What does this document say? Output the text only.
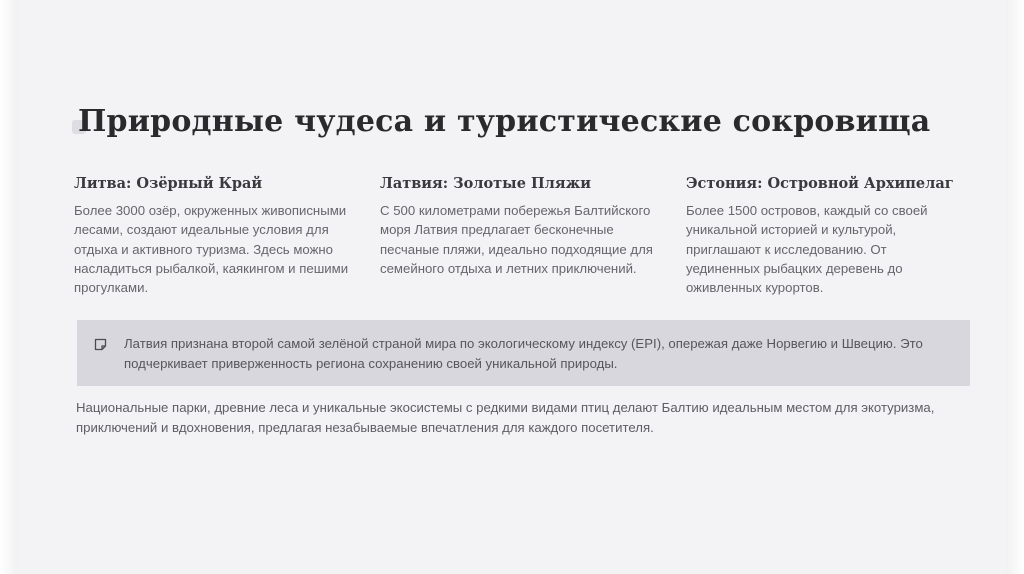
Природные чудеса и туристические сокровища
Литва: Озёрный Край

Более 3000 озёр, окруженных живописными лесами, создают идеальные условия для отдыха и активного туризма. Здесь можно насладиться рыбалкой, каякингом и пешими прогулками.

Латвия: Золотые Пляжи

С 500 километрами побережья Балтийского моря Латвия предлагает бесконечные песчаные пляжи, идеально подходящие для семейного отдыха и летних приключений.

Эстония: Островной Архипелаг

Более 1500 островов, каждый со своей уникальной историей и культурой, приглашают к исследованию. От уединенных рыбацких деревень до оживленных курортов.

Латвия признана второй самой зелёной страной мира по экологическому индексу (EPI), опережая даже Норвегию и Швецию. Это подчеркивает приверженность региона сохранению своей уникальной природы.
Национальные парки, древние леса и уникальные экосистемы с редкими видами птиц делают Балтию идеальным местом для экотуризма, приключений и вдохновения, предлагая незабываемые впечатления для каждого посетителя.
